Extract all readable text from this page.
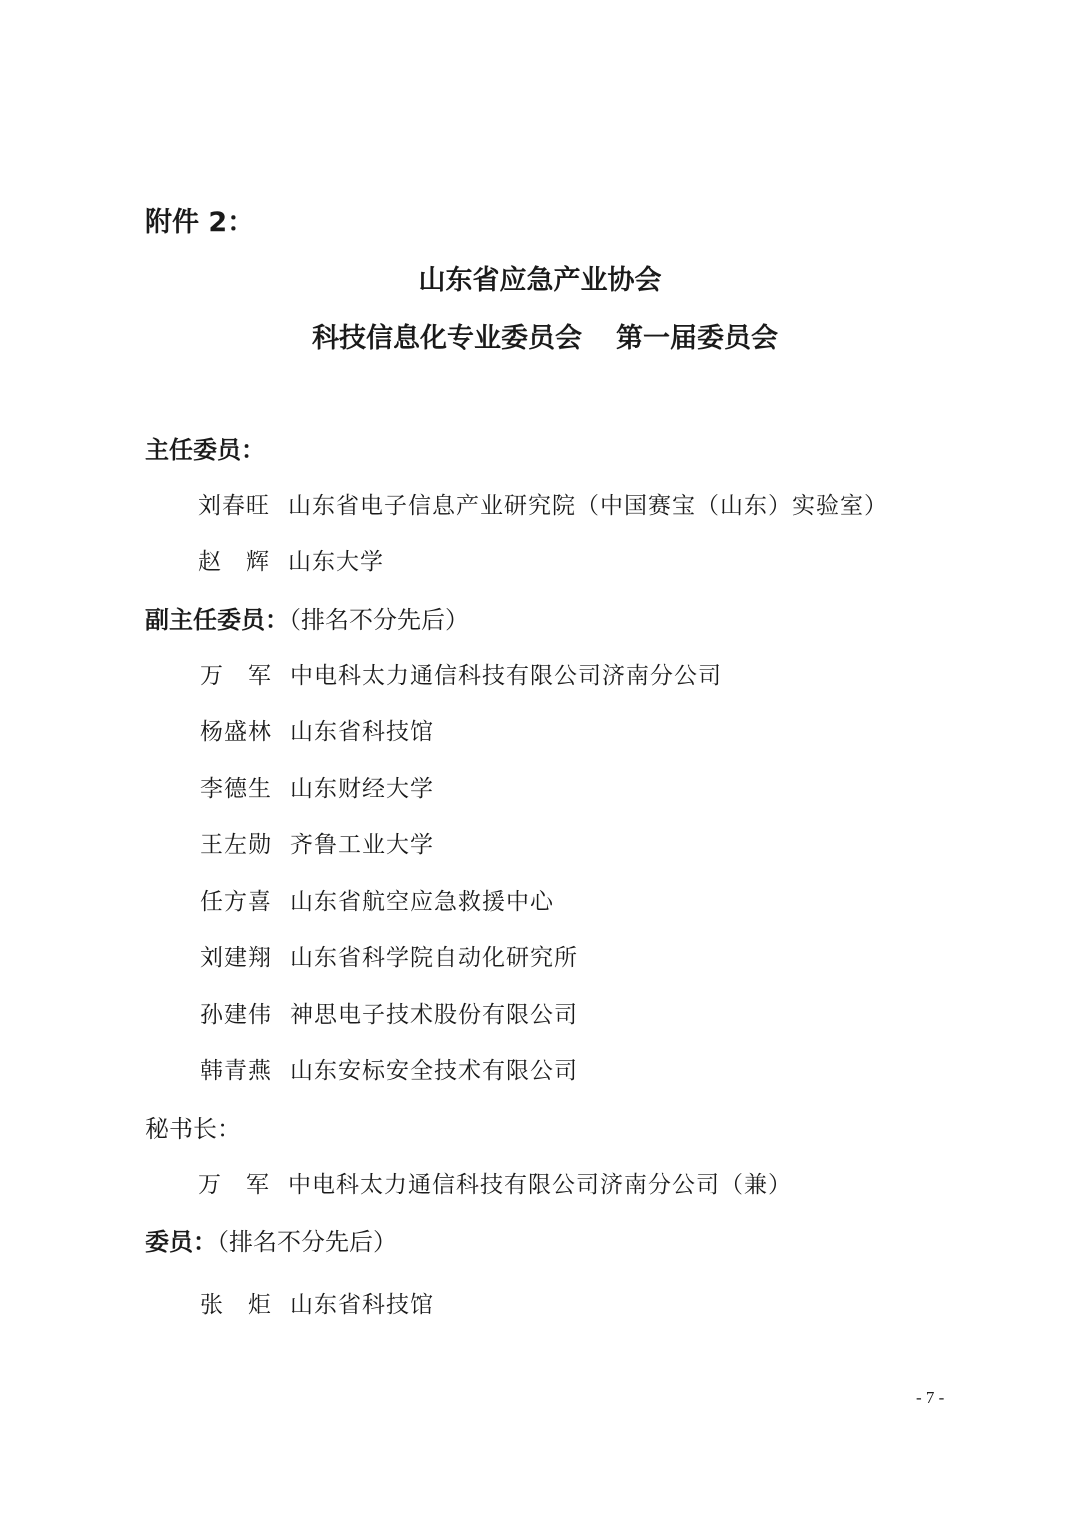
附件 2：
山东省应急产业协会
科技信息化专业委员会 第一届委员会
主任委员：
刘春旺 山东省电子信息产业研究院（中国赛宝（山东）实验室）
赵　辉 山东大学
副主任委员：（排名不分先后）
万　军 中电科太力通信科技有限公司济南分公司
杨盛林 山东省科技馆
李德生 山东财经大学
王左勋 齐鲁工业大学
任方喜 山东省航空应急救援中心
刘建翔 山东省科学院自动化研究所
孙建伟 神思电子技术股份有限公司
韩青燕 山东安标安全技术有限公司
秘书长：
万　军 中电科太力通信科技有限公司济南分公司（兼）
委员：（排名不分先后）
张　炬 山东省科技馆
- 7 -
